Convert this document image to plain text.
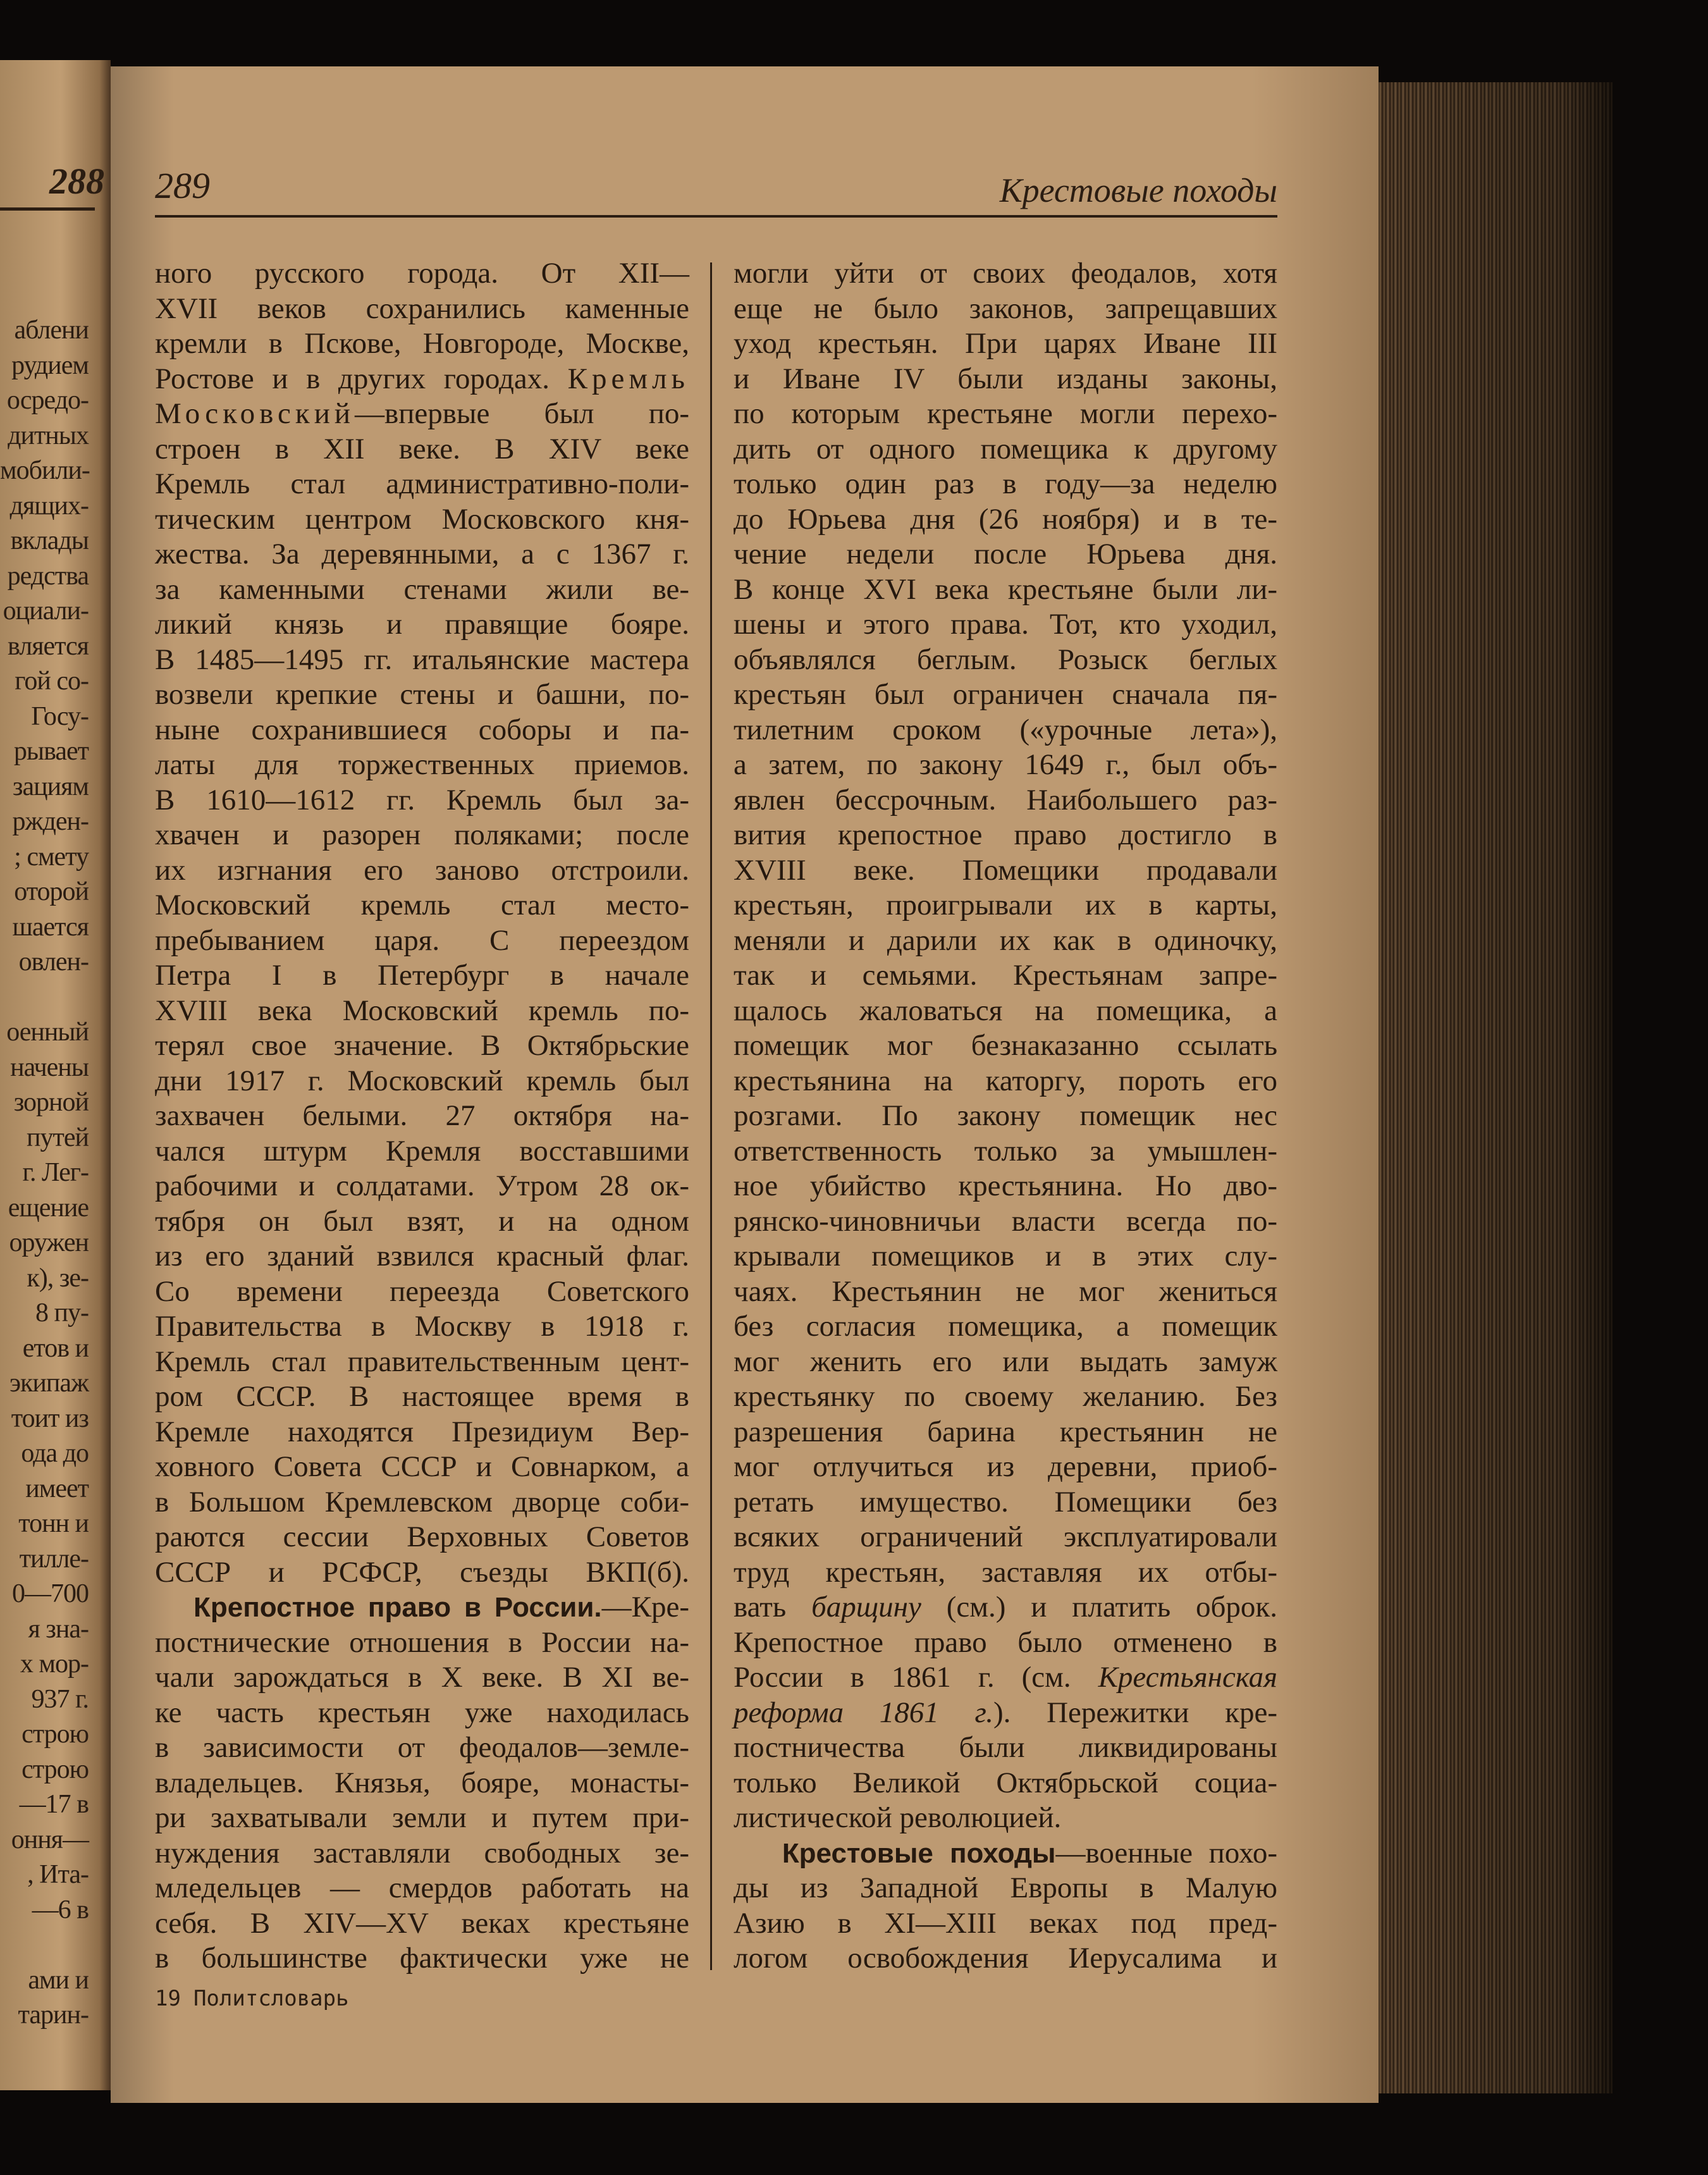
288
аблени
рудием
осредо-
дитных
мобили-
дящих-
вклады
редства
оциали-
вляется
гой со-
Госу-
рывает
зациям
ржден-
; смету
оторой
шается
овлен-
оенный
начены
зорной
путей
г. Лег-
ещение
оружен
к), зе-
8 пу-
етов и
экипаж
тоит из
ода до
имеет
тонн и
тилле-
0—700
я зна-
х мор-
937 г.
строю
строю
—17 в
оння—
, Ита-
—6 в
ами и
тарин-
289	Крестовые походы
ного русского города. От XII—
XVII веков сохранились каменные
кремли в Пскове, Новгороде, Москве,
Ростове и в других городах. Кремль
Московский—впервые был по-
строен в XII веке. В XIV веке
Кремль стал административно-поли-
тическим центром Московского кня-
жества. За деревянными, а с 1367 г.
за каменными стенами жили ве-
ликий князь и правящие бояре.
В 1485—1495 гг. итальянские мастера
возвели крепкие стены и башни, по-
ныне сохранившиеся соборы и па-
латы для торжественных приемов.
В 1610—1612 гг. Кремль был за-
хвачен и разорен поляками; после
их изгнания его заново отстроили.
Московский кремль стал место-
пребыванием царя. С переездом
Петра I в Петербург в начале
XVIII века Московский кремль по-
терял свое значение. В Октябрьские
дни 1917 г. Московский кремль был
захвачен белыми. 27 октября на-
чался штурм Кремля восставшими
рабочими и солдатами. Утром 28 ок-
тября он был взят, и на одном
из его зданий взвился красный флаг.
Со времени переезда Советского
Правительства в Москву в 1918 г.
Кремль стал правительственным цент-
ром СССР. В настоящее время в
Кремле находятся Президиум Вер-
ховного Совета СССР и Совнарком, а
в Большом Кремлевском дворце соби-
раются сессии Верховных Советов
СССР и РСФСР, съезды ВКП(б).
Крепостное право в России.—Кре-
постнические отношения в России на-
чали зарождаться в X веке. В XI ве-
ке часть крестьян уже находилась
в зависимости от феодалов—земле-
владельцев. Князья, бояре, монасты-
ри захватывали земли и путем при-
нуждения заставляли свободных зе-
мледельцев — смердов работать на
себя. В XIV—XV веках крестьяне
в большинстве фактически уже не
могли уйти от своих феодалов, хотя
еще не было законов, запрещавших
уход крестьян. При царях Иване III
и Иване IV были изданы законы,
по которым крестьяне могли перехо-
дить от одного помещика к другому
только один раз в году—за неделю
до Юрьева дня (26 ноября) и в те-
чение недели после Юрьева дня.
В конце XVI века крестьяне были ли-
шены и этого права. Тот, кто уходил,
объявлялся беглым. Розыск беглых
крестьян был ограничен сначала пя-
тилетним сроком («урочные лета»),
а затем, по закону 1649 г., был объ-
явлен бессрочным. Наибольшего раз-
вития крепостное право достигло в
XVIII веке. Помещики продавали
крестьян, проигрывали их в карты,
меняли и дарили их как в одиночку,
так и семьями. Крестьянам запре-
щалось жаловаться на помещика, а
помещик мог безнаказанно ссылать
крестьянина на каторгу, пороть его
розгами. По закону помещик нес
ответственность только за умышлен-
ное убийство крестьянина. Но дво-
рянско-чиновничьи власти всегда по-
крывали помещиков и в этих слу-
чаях. Крестьянин не мог жениться
без согласия помещика, а помещик
мог женить его или выдать замуж
крестьянку по своему желанию. Без
разрешения барина крестьянин не
мог отлучиться из деревни, приоб-
ретать имущество. Помещики без
всяких ограничений эксплуатировали
труд крестьян, заставляя их отбы-
вать барщину (см.) и платить оброк.
Крепостное право было отменено в
России в 1861 г. (см. Крестьянская
реформа 1861 г.). Пережитки кре-
постничества были ликвидированы
только Великой Октябрьской социа-
листической революцией.
Крестовые походы—военные похо-
ды из Западной Европы в Малую
Азию в XI—XIII веках под пред-
логом освобождения Иерусалима и
19 Политсловарь
